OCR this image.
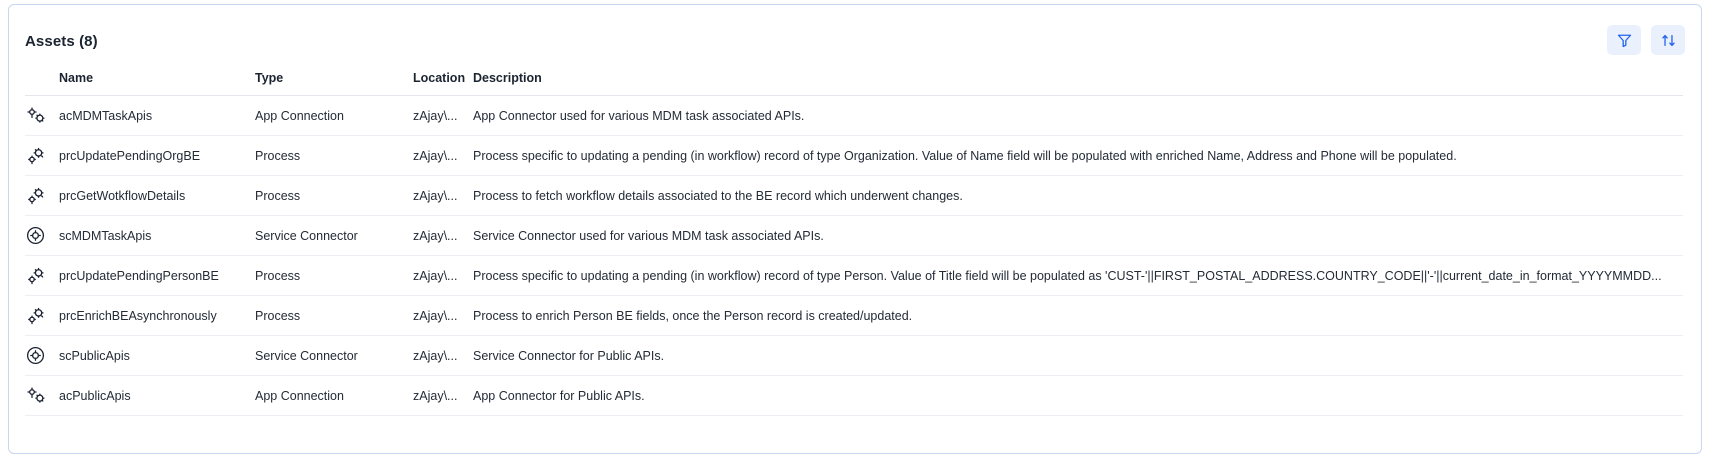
Assets (8)
	Name	Type	Location	Description

	acMDMTaskApis	App Connection	zAjay\...	App Connector used for various MDM task associated APIs.

	prcUpdatePendingOrgBE	Process	zAjay\...	Process specific to updating a pending (in workflow) record of type Organization. Value of Name field will be populated with enriched Name, Address and Phone will be populated.

	prcGetWotkflowDetails	Process	zAjay\...	Process to fetch workflow details associated to the BE record which underwent changes.

	scMDMTaskApis	Service Connector	zAjay\...	Service Connector used for various MDM task associated APIs.

	prcUpdatePendingPersonBE	Process	zAjay\...	Process specific to updating a pending (in workflow) record of type Person. Value of Title field will be populated as 'CUST-'||FIRST_POSTAL_ADDRESS.COUNTRY_CODE||'-'||current_date_in_format_YYYYMMDD...

	prcEnrichBEAsynchronously	Process	zAjay\...	Process to enrich Person BE fields, once the Person record is created/updated.

	scPublicApis	Service Connector	zAjay\...	Service Connector for Public APIs.

	acPublicApis	App Connection	zAjay\...	App Connector for Public APIs.
